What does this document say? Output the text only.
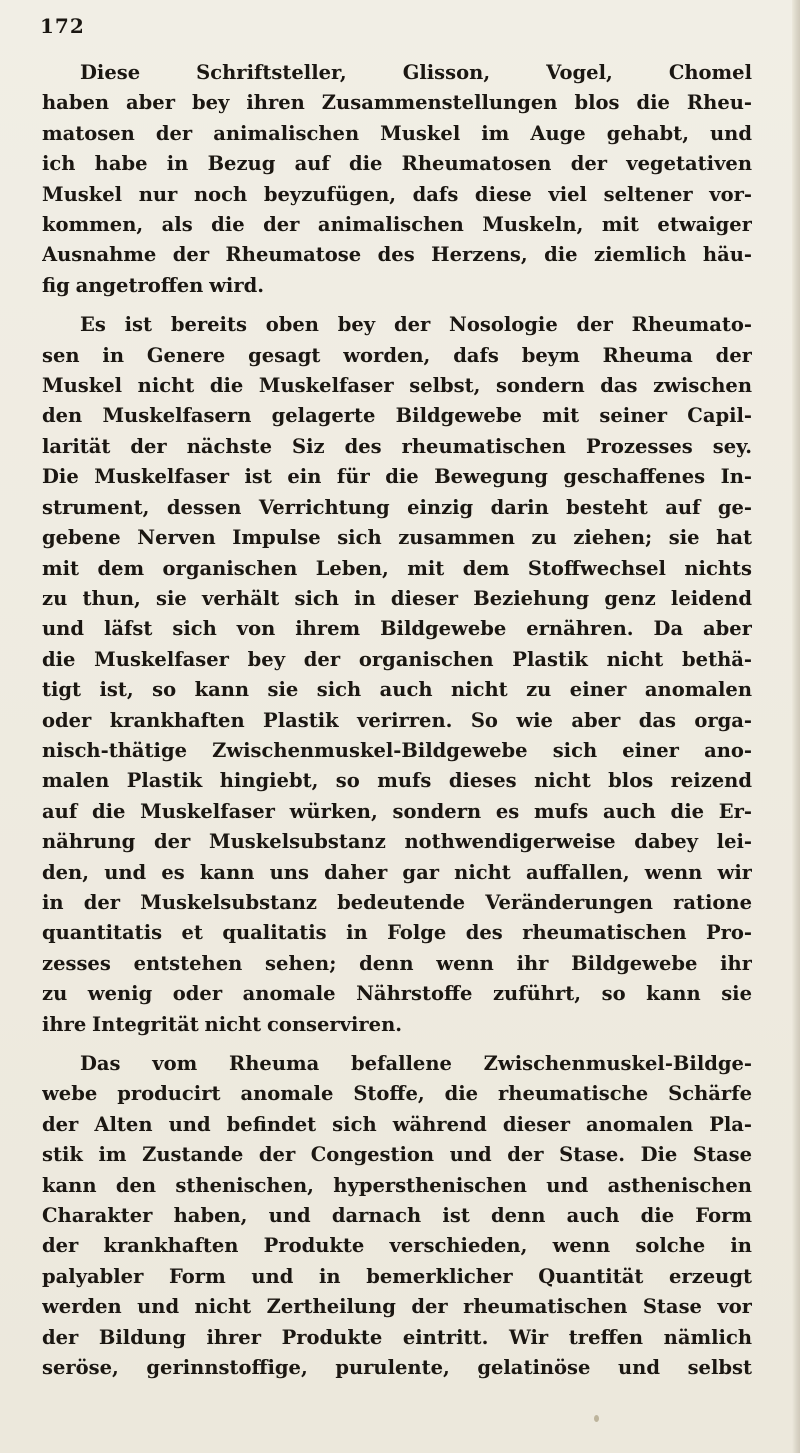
172
Diese Schriftsteller, Glisson, Vogel, Chomel
haben aber bey ihren Zusammenstellungen blos die Rheu-
matosen der animalischen Muskel im Auge gehabt, und
ich habe in Bezug auf die Rheumatosen der vegetativen
Muskel nur noch beyzufügen, dafs diese viel seltener vor-
kommen, als die der animalischen Muskeln, mit etwaiger
Ausnahme der Rheumatose des Herzens, die ziemlich häu-
fig angetroffen wird.
Es ist bereits oben bey der Nosologie der Rheumato-
sen in Genere gesagt worden, dafs beym Rheuma der
Muskel nicht die Muskelfaser selbst, sondern das zwischen
den Muskelfasern gelagerte Bildgewebe mit seiner Capil-
larität der nächste Siz des rheumatischen Prozesses sey.
Die Muskelfaser ist ein für die Bewegung geschaffenes In-
strument, dessen Verrichtung einzig darin besteht auf ge-
gebene Nerven Impulse sich zusammen zu ziehen; sie hat
mit dem organischen Leben, mit dem Stoffwechsel nichts
zu thun, sie verhält sich in dieser Beziehung genz leidend
und läfst sich von ihrem Bildgewebe ernähren. Da aber
die Muskelfaser bey der organischen Plastik nicht bethä-
tigt ist, so kann sie sich auch nicht zu einer anomalen
oder krankhaften Plastik verirren. So wie aber das orga-
nisch-thätige Zwischenmuskel-Bildgewebe sich einer ano-
malen Plastik hingiebt, so mufs dieses nicht blos reizend
auf die Muskelfaser würken, sondern es mufs auch die Er-
nährung der Muskelsubstanz nothwendigerweise dabey lei-
den, und es kann uns daher gar nicht auffallen, wenn wir
in der Muskelsubstanz bedeutende Veränderungen ratione
quantitatis et qualitatis in Folge des rheumatischen Pro-
zesses entstehen sehen; denn wenn ihr Bildgewebe ihr
zu wenig oder anomale Nährstoffe zuführt, so kann sie
ihre Integrität nicht conserviren.
Das vom Rheuma befallene Zwischenmuskel-Bildge-
webe producirt anomale Stoffe, die rheumatische Schärfe
der Alten und befindet sich während dieser anomalen Pla-
stik im Zustande der Congestion und der Stase. Die Stase
kann den sthenischen, hypersthenischen und asthenischen
Charakter haben, und darnach ist denn auch die Form
der krankhaften Produkte verschieden, wenn solche in
palyabler Form und in bemerklicher Quantität erzeugt
werden und nicht Zertheilung der rheumatischen Stase vor
der Bildung ihrer Produkte eintritt. Wir treffen nämlich
seröse, gerinnstoffige, purulente, gelatinöse und selbst
